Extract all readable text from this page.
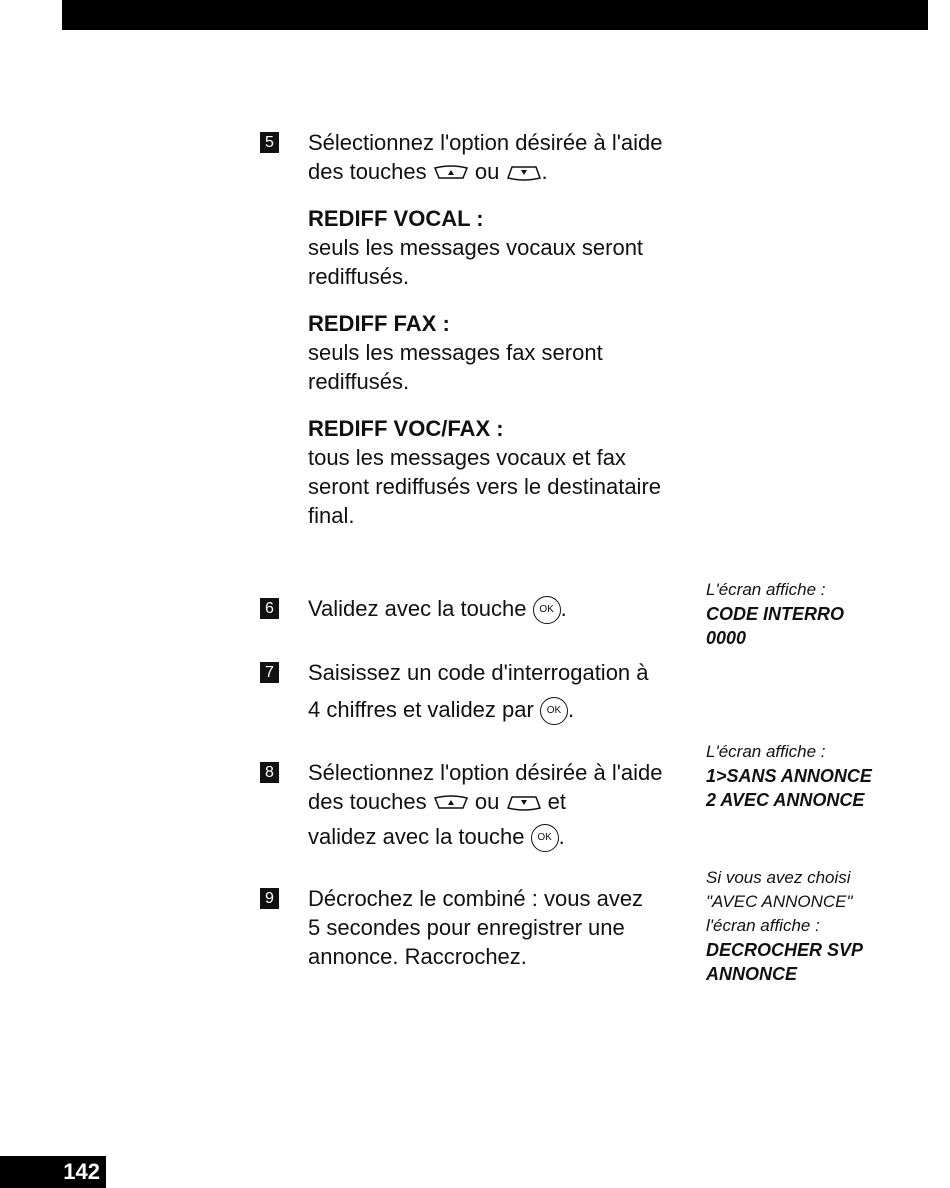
5 Sélectionnez l'option désirée à l'aide

des touches ou .

REDIFF VOCAL :

seuls les messages vocaux seront

rediffusés.

REDIFF FAX :

seuls les messages fax seront

rediffusés.

REDIFF VOC/FAX :

tous les messages vocaux et fax

seront rediffusés vers le destinataire

final.

6 Validez avec la touche OK .

7 Saisissez un code d'interrogation à

4 chiffres et validez par OK .

8 Sélectionnez l'option désirée à l'aide

des touches ou et

validez avec la touche OK .

9 Décrochez le combiné : vous avez

5 secondes pour enregistrer une

annonce. Raccrochez.

L'écran affiche :

CODE INTERRO

0000

L'écran affiche :

1>SANS ANNONCE

2 AVEC ANNONCE

Si vous avez choisi

"AVEC ANNONCE"

l'écran affiche :

DECROCHER SVP

ANNONCE

142
